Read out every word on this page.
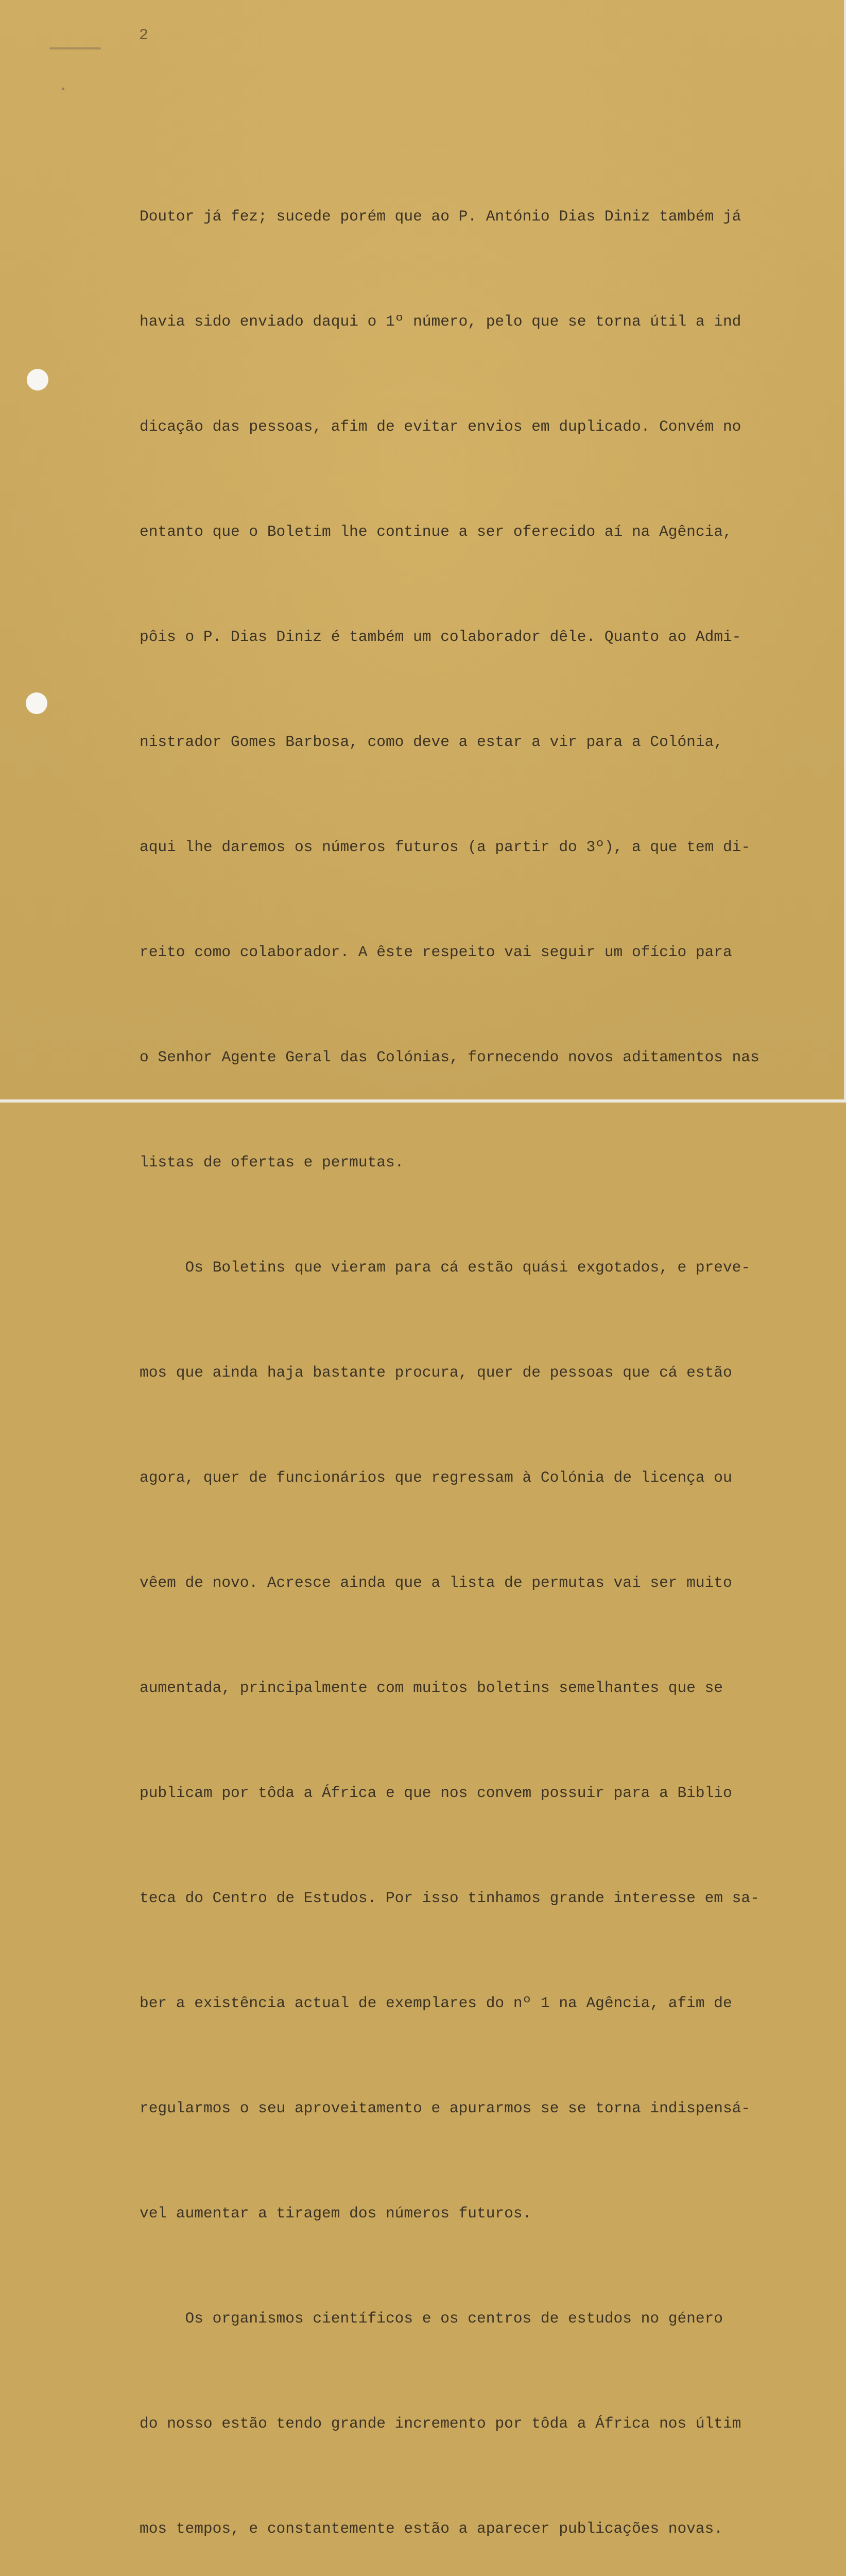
2

Doutor já fez; sucede porém que ao P. António Dias Diniz também já

havia sido enviado daqui o 1º número, pelo que se torna útil a ind

dicação das pessoas, afim de evitar envios em duplicado. Convém no

entanto que o Boletim lhe continue a ser oferecido aí na Agência,

pôis o P. Dias Diniz é também um colaborador dêle. Quanto ao Admi-

nistrador Gomes Barbosa, como deve a estar a vir para a Colónia,

aqui lhe daremos os números futuros (a partir do 3º), a que tem di-

reito como colaborador. A êste respeito vai seguir um ofício para

o Senhor Agente Geral das Colónias, fornecendo novos aditamentos nas

listas de ofertas e permutas.

Os Boletins que vieram para cá estão quási exgotados, e preve-

mos que ainda haja bastante procura, quer de pessoas que cá estão

agora, quer de funcionários que regressam à Colónia de licença ou

vêem de novo. Acresce ainda que a lista de permutas vai ser muito

aumentada, principalmente com muitos boletins semelhantes que se

publicam por tôda a África e que nos convem possuir para a Biblio

teca do Centro de Estudos. Por isso tinhamos grande interesse em sa-

ber a existência actual de exemplares do nº 1 na Agência, afim de

regularmos o seu aproveitamento e apurarmos se se torna indispensá-

vel aumentar a tiragem dos números futuros.

Os organismos científicos e os centros de estudos no género

do nosso estão tendo grande incremento por tôda a África nos últim

mos tempos, e constantemente estão a aparecer publicações novas.
